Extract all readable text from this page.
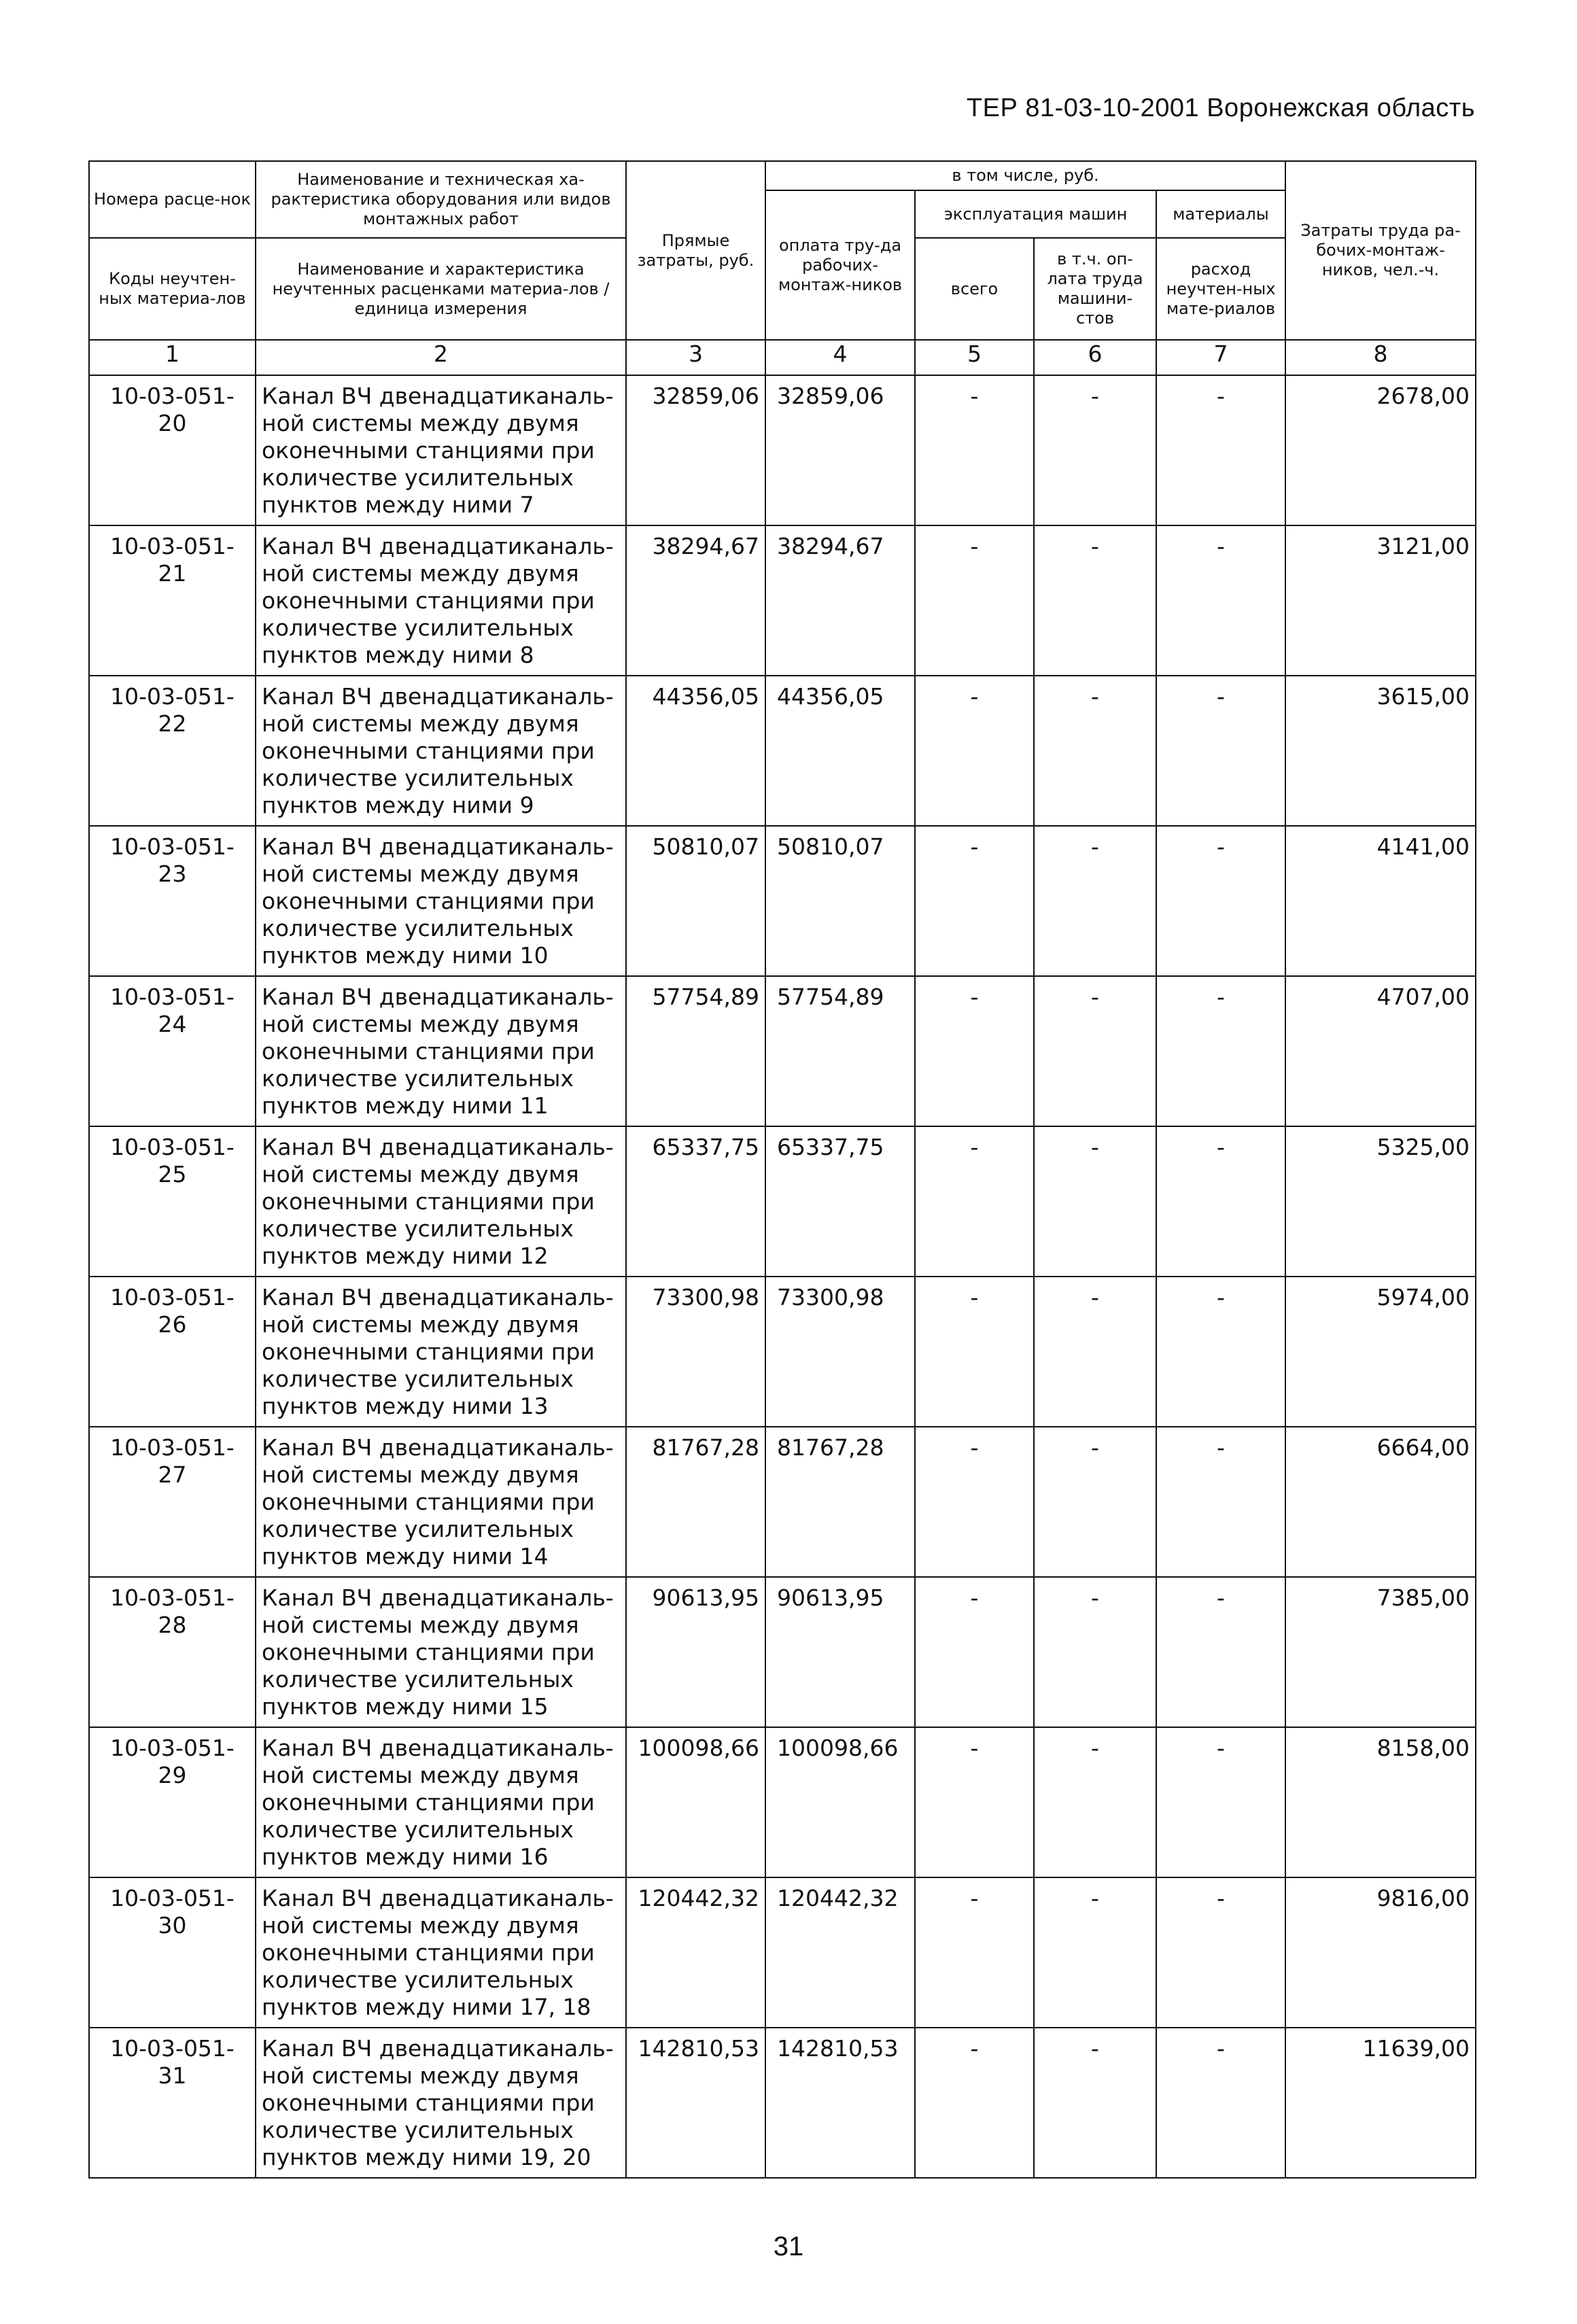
ТЕР 81-03-10-2001 Воронежская область
Номера расце-нок	Наименование и техническая ха-рактеристика оборудования или видов монтажных работ	Прямые затраты, руб.	в том числе, руб.				Затраты труда ра-бочих-монтаж-ников, чел.-ч.
			оплата тру-да рабочих-монтаж-ников	эксплуатация машин		материалы	
Коды неучтен-ных материа-лов	Наименование и характеристика неучтенных расценками материа-лов / единица измерения			всего	в т.ч. оп-лата труда машини-стов	расход неучтен-ных мате-риалов	

1	2	3	4	5	6	7	8

10-03-051-
20	Канал ВЧ двенадцатиканаль-ной системы между двумя оконечными станциями при количестве усилительных пунктов между ними 7	32859,06	32859,06	-	-	-	2678,00

10-03-051-
21	Канал ВЧ двенадцатиканаль-ной системы между двумя оконечными станциями при количестве усилительных пунктов между ними 8	38294,67	38294,67	-	-	-	3121,00

10-03-051-
22	Канал ВЧ двенадцатиканаль-ной системы между двумя оконечными станциями при количестве усилительных пунктов между ними 9	44356,05	44356,05	-	-	-	3615,00

10-03-051-
23	Канал ВЧ двенадцатиканаль-ной системы между двумя оконечными станциями при количестве усилительных пунктов между ними 10	50810,07	50810,07	-	-	-	4141,00

10-03-051-
24	Канал ВЧ двенадцатиканаль-ной системы между двумя оконечными станциями при количестве усилительных пунктов между ними 11	57754,89	57754,89	-	-	-	4707,00

10-03-051-
25	Канал ВЧ двенадцатиканаль-ной системы между двумя оконечными станциями при количестве усилительных пунктов между ними 12	65337,75	65337,75	-	-	-	5325,00

10-03-051-
26	Канал ВЧ двенадцатиканаль-ной системы между двумя оконечными станциями при количестве усилительных пунктов между ними 13	73300,98	73300,98	-	-	-	5974,00

10-03-051-
27	Канал ВЧ двенадцатиканаль-ной системы между двумя оконечными станциями при количестве усилительных пунктов между ними 14	81767,28	81767,28	-	-	-	6664,00

10-03-051-
28	Канал ВЧ двенадцатиканаль-ной системы между двумя оконечными станциями при количестве усилительных пунктов между ними 15	90613,95	90613,95	-	-	-	7385,00

10-03-051-
29	Канал ВЧ двенадцатиканаль-ной системы между двумя оконечными станциями при количестве усилительных пунктов между ними 16	100098,66	100098,66	-	-	-	8158,00

10-03-051-
30	Канал ВЧ двенадцатиканаль-ной системы между двумя оконечными станциями при количестве усилительных пунктов между ними 17, 18	120442,32	120442,32	-	-	-	9816,00

10-03-051-
31	Канал ВЧ двенадцатиканаль-ной системы между двумя оконечными станциями при количестве усилительных пунктов между ними 19, 20	142810,53	142810,53	-	-	-	11639,00
31
